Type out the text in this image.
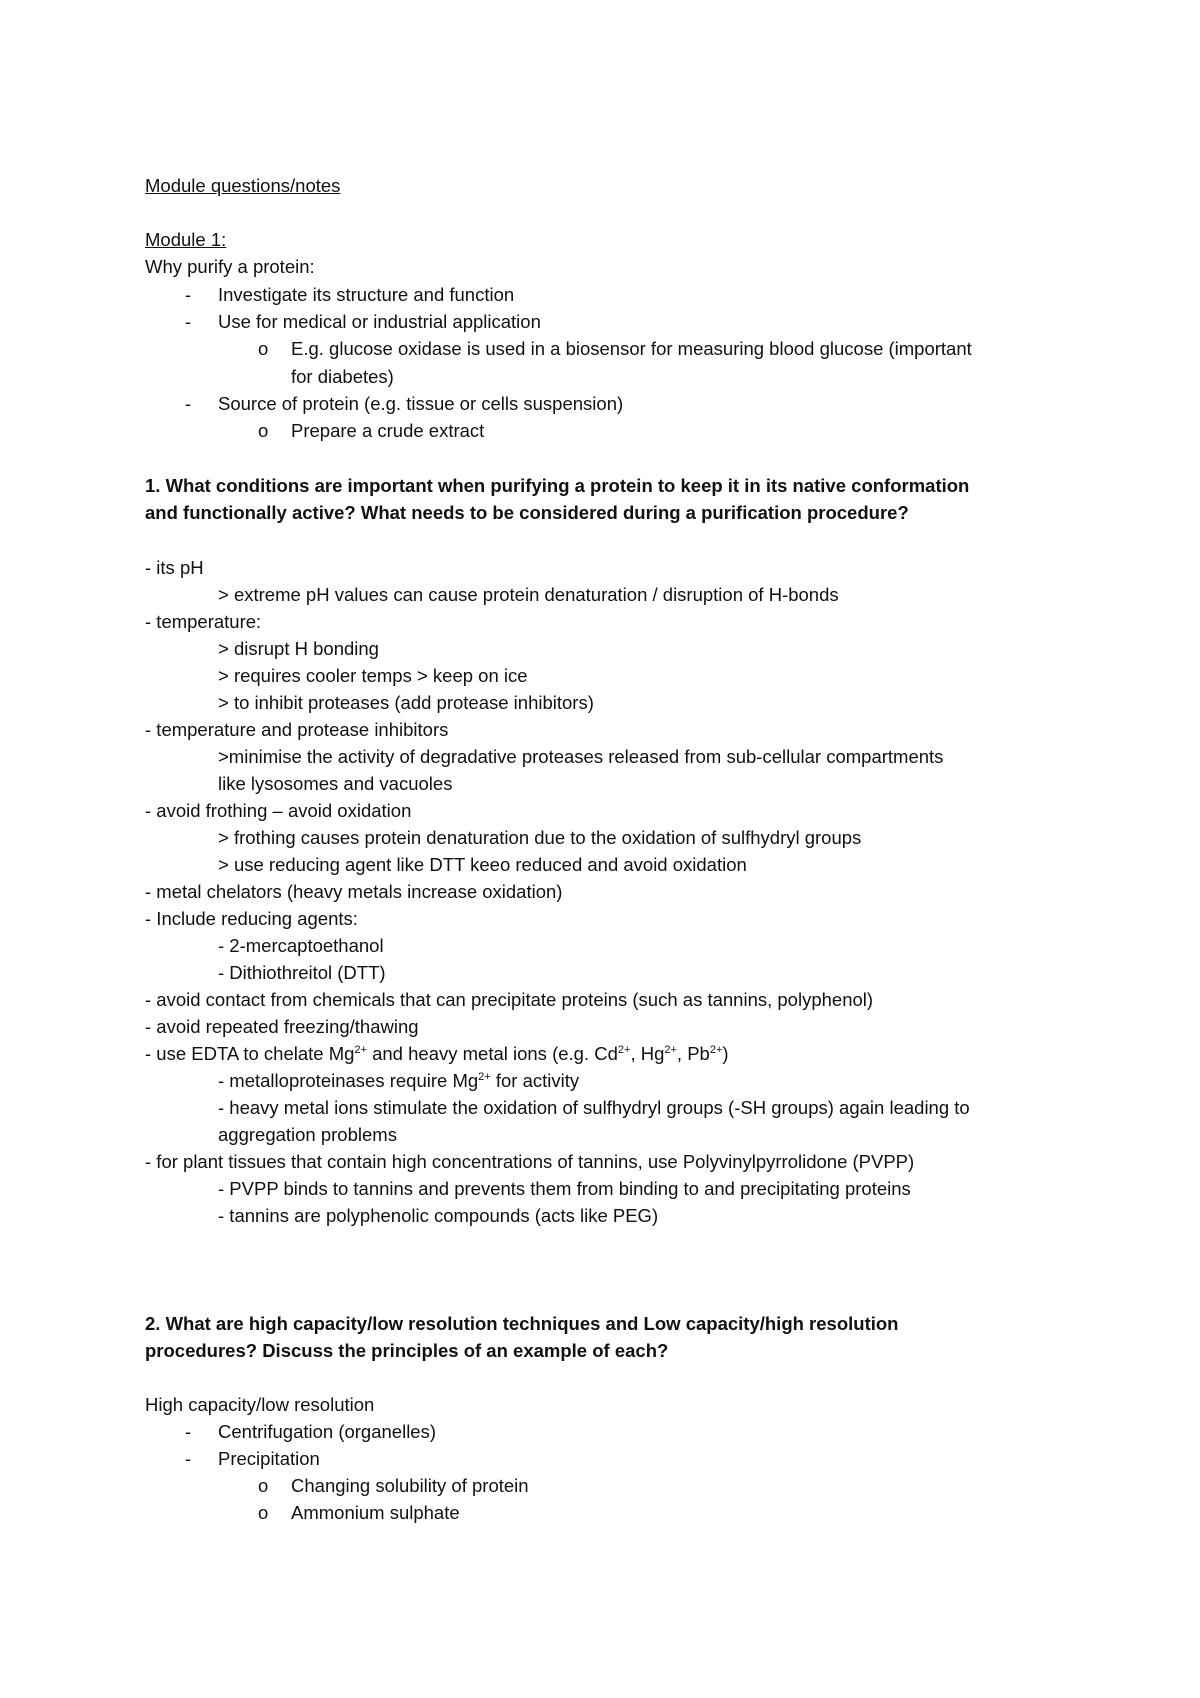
Module questions/notes

Module 1:

Why purify a protein:

- Investigate its structure and function

- Use for medical or industrial application

o E.g. glucose oxidase is used in a biosensor for measuring blood glucose (important

for diabetes)

- Source of protein (e.g. tissue or cells suspension)

o Prepare a crude extract

1. What conditions are important when purifying a protein to keep it in its native conformation

and functionally active? What needs to be considered during a purification procedure?

- its pH

> extreme pH values can cause protein denaturation / disruption of H-bonds

- temperature:

> disrupt H bonding

> requires cooler temps > keep on ice

> to inhibit proteases (add protease inhibitors)

- temperature and protease inhibitors

>minimise the activity of degradative proteases released from sub-cellular compartments

like lysosomes and vacuoles

- avoid frothing – avoid oxidation

> frothing causes protein denaturation due to the oxidation of sulfhydryl groups

> use reducing agent like DTT keeo reduced and avoid oxidation

- metal chelators (heavy metals increase oxidation)

- Include reducing agents:

- 2-mercaptoethanol

- Dithiothreitol (DTT)

- avoid contact from chemicals that can precipitate proteins (such as tannins, polyphenol)

- avoid repeated freezing/thawing

- use EDTA to chelate $Mg^{2+}$ and heavy metal ions (e.g. $Cd^{2+}$, $Hg^{2+}$, $Pb^{2+}$)

- metalloproteinases require $Mg^{2+}$ for activity

- heavy metal ions stimulate the oxidation of sulfhydryl groups (-SH groups) again leading to

aggregation problems

- for plant tissues that contain high concentrations of tannins, use Polyvinylpyrrolidone (PVPP)

- PVPP binds to tannins and prevents them from binding to and precipitating proteins

- tannins are polyphenolic compounds (acts like PEG)

2. What are high capacity/low resolution techniques and Low capacity/high resolution

procedures? Discuss the principles of an example of each?

High capacity/low resolution

- Centrifugation (organelles)

- Precipitation

o Changing solubility of protein

o Ammonium sulphate
